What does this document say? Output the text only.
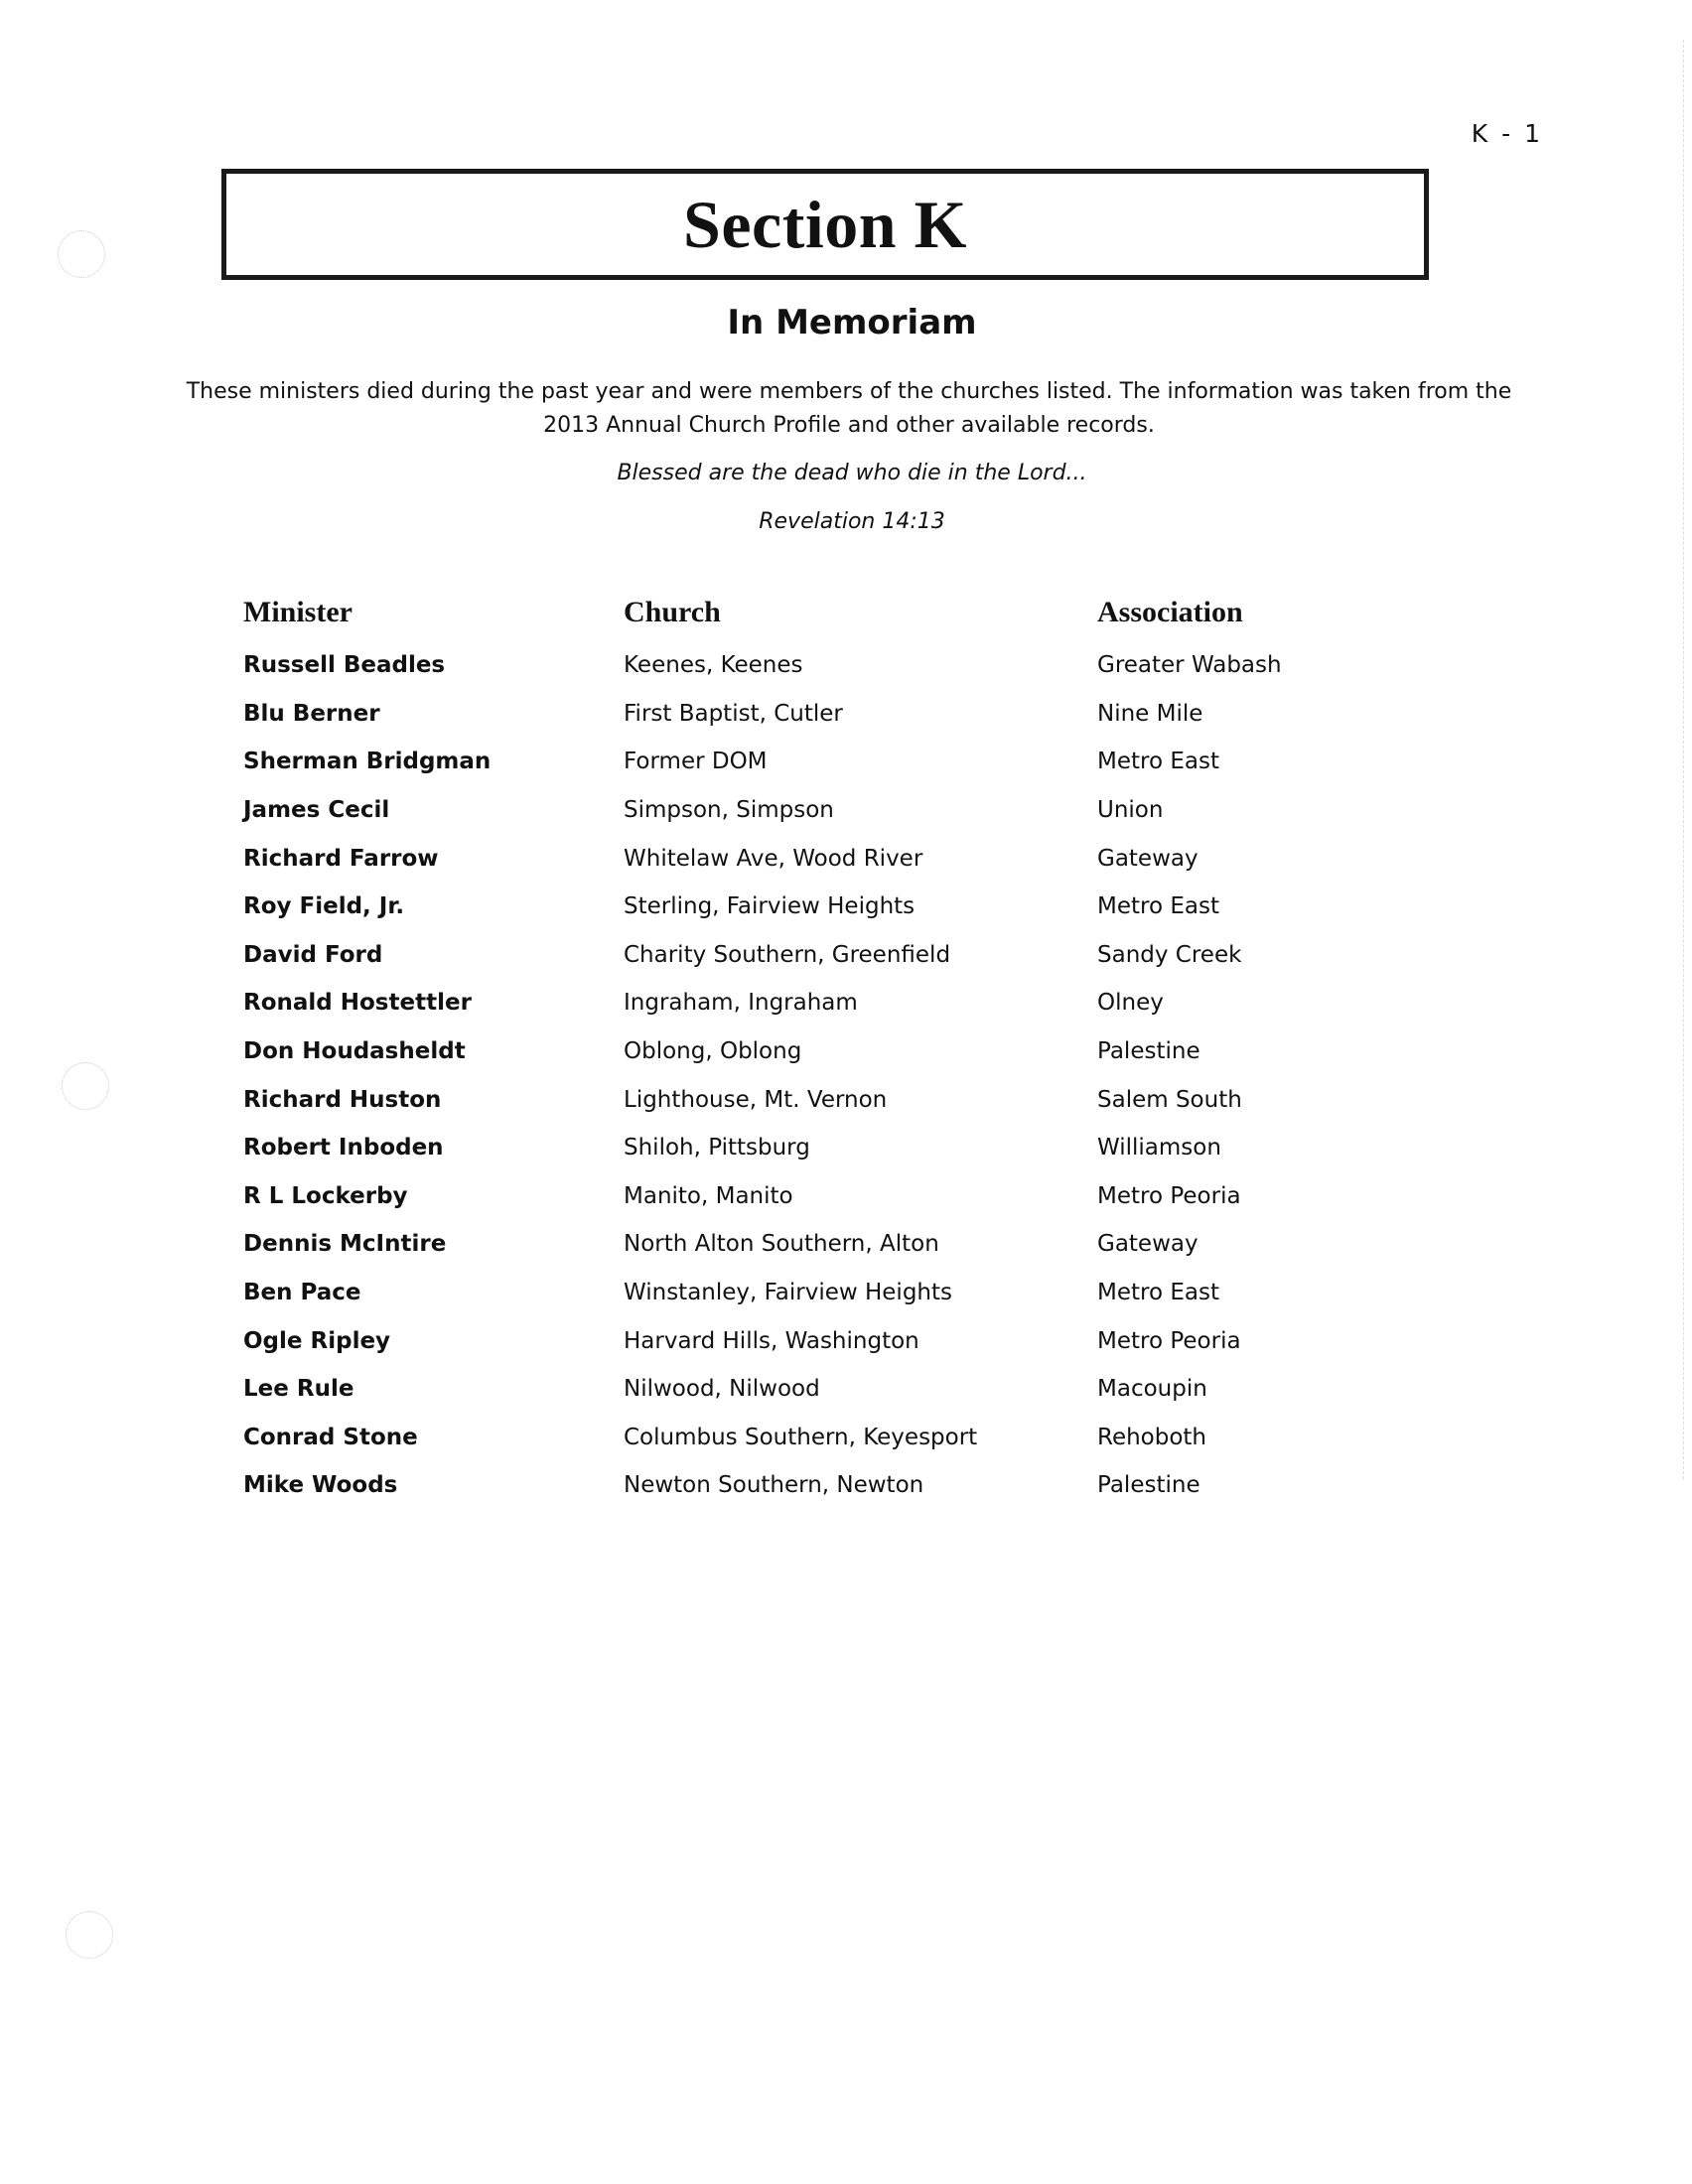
K - 1
Section K
In Memoriam

These ministers died during the past year and were members of the churches listed. The information was taken from the 2013 Annual Church Profile and other available records.

Blessed are the dead who die in the Lord...

Revelation 14:13

Minister	Church	Association
Russell Beadles	Keenes, Keenes	Greater Wabash
Blu Berner	First Baptist, Cutler	Nine Mile
Sherman Bridgman	Former DOM	Metro East
James Cecil	Simpson, Simpson	Union
Richard Farrow	Whitelaw Ave, Wood River	Gateway
Roy Field, Jr.	Sterling, Fairview Heights	Metro East
David Ford	Charity Southern, Greenfield	Sandy Creek
Ronald Hostettler	Ingraham, Ingraham	Olney
Don Houdasheldt	Oblong, Oblong	Palestine
Richard Huston	Lighthouse, Mt. Vernon	Salem South
Robert Inboden	Shiloh, Pittsburg	Williamson
R L Lockerby	Manito, Manito	Metro Peoria
Dennis McIntire	North Alton Southern, Alton	Gateway
Ben Pace	Winstanley, Fairview Heights	Metro East
Ogle Ripley	Harvard Hills, Washington	Metro Peoria
Lee Rule	Nilwood, Nilwood	Macoupin
Conrad Stone	Columbus Southern, Keyesport	Rehoboth
Mike Woods	Newton Southern, Newton	Palestine
